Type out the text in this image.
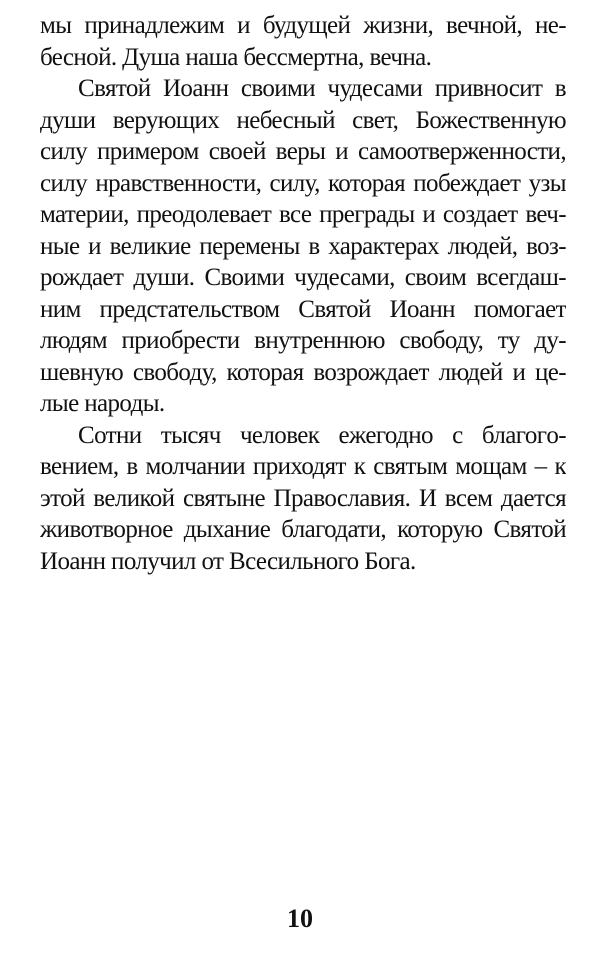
мы принадлежим и будущей жизни, вечной, не-
бесной. Душа наша бессмертна, вечна.
Святой Иоанн своими чудесами привносит в
души верующих небесный свет, Божественную
силу примером своей веры и самоотверженности,
силу нравственности, силу, которая побеждает узы
материи, преодолевает все преграды и создает веч-
ные и великие перемены в характерах людей, воз-
рождает души. Своими чудесами, своим всегдаш-
ним предстательством Святой Иоанн помогает
людям приобрести внутреннюю свободу, ту ду-
шевную свободу, которая возрождает людей и це-
лые народы.
Сотни тысяч человек ежегодно с благогo-
вением, в молчании приходят к святым мощам – к
этой великой святыне Православия. И всем дается
животворное дыхание благодати, которую Святой
Иоанн получил от Всесильного Бога.
10
